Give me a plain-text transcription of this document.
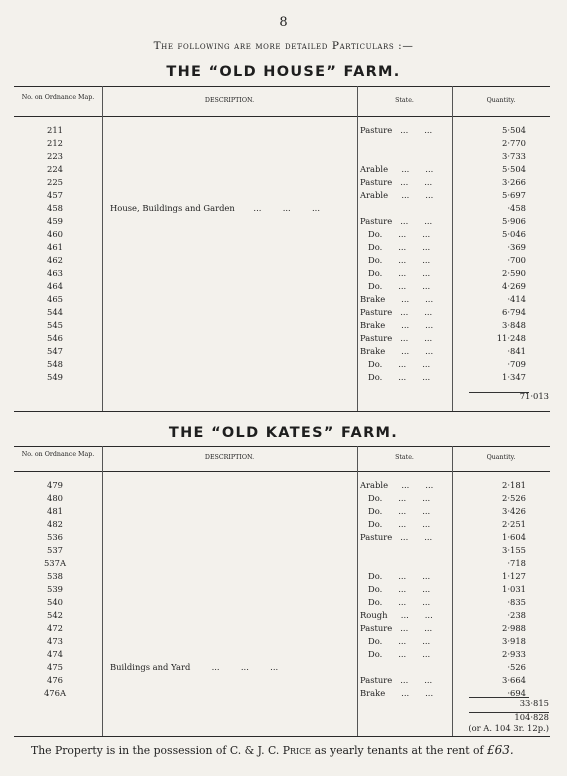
8
The following are more detailed Particulars :—
THE “OLD HOUSE” FARM.
No. on Ordnance Map.	DESCRIPTION.	State.	Quantity.
211	Pasture   ...      ...	5·504
212	2·770
223	3·733
224	Arable     ...      ...	5·504
225	Pasture   ...      ...	3·266
457	Arable     ...      ...	5·697
458	House, Buildings and Garden       ...        ...        ...	·458
459	Pasture   ...      ...	5·906
460	Do.      ...      ...	5·046
461	Do.      ...      ...	·369
462	Do.      ...      ...	·700
463	Do.      ...      ...	2·590
464	Do.      ...      ...	4·269
465	Brake      ...      ...	·414
544	Pasture   ...      ...	6·794
545	Brake      ...      ...	3·848
546	Pasture   ...      ...	11·248
547	Brake      ...      ...	·841
548	Do.      ...      ...	·709
549	Do.      ...      ...	1·347
71·013
THE “OLD KATES” FARM.
No. on Ordnance Map.	DESCRIPTION.	State.	Quantity.
479	Arable     ...      ...	2·181
480	Do.      ...      ...	2·526
481	Do.      ...      ...	3·426
482	Do.      ...      ...	2·251
536	Pasture   ...      ...	1·604
537	3·155
537A	·718
538	Do.      ...      ...	1·127
539	Do.      ...      ...	1·031
540	Do.      ...      ...	·835
542	Rough     ...      ...	·238
472	Pasture   ...      ...	2·988
473	Do.      ...      ...	3·918
474	Do.      ...      ...	2·933
475	Buildings and Yard        ...        ...        ...	·526
476	Pasture   ...      ...	3·664
476A	Brake      ...      ...	·694
33·815
104·828
(or A. 104 3r. 12p.)
The Property is in the possession of C. & J. C. Price as yearly tenants at the rent of £63.
